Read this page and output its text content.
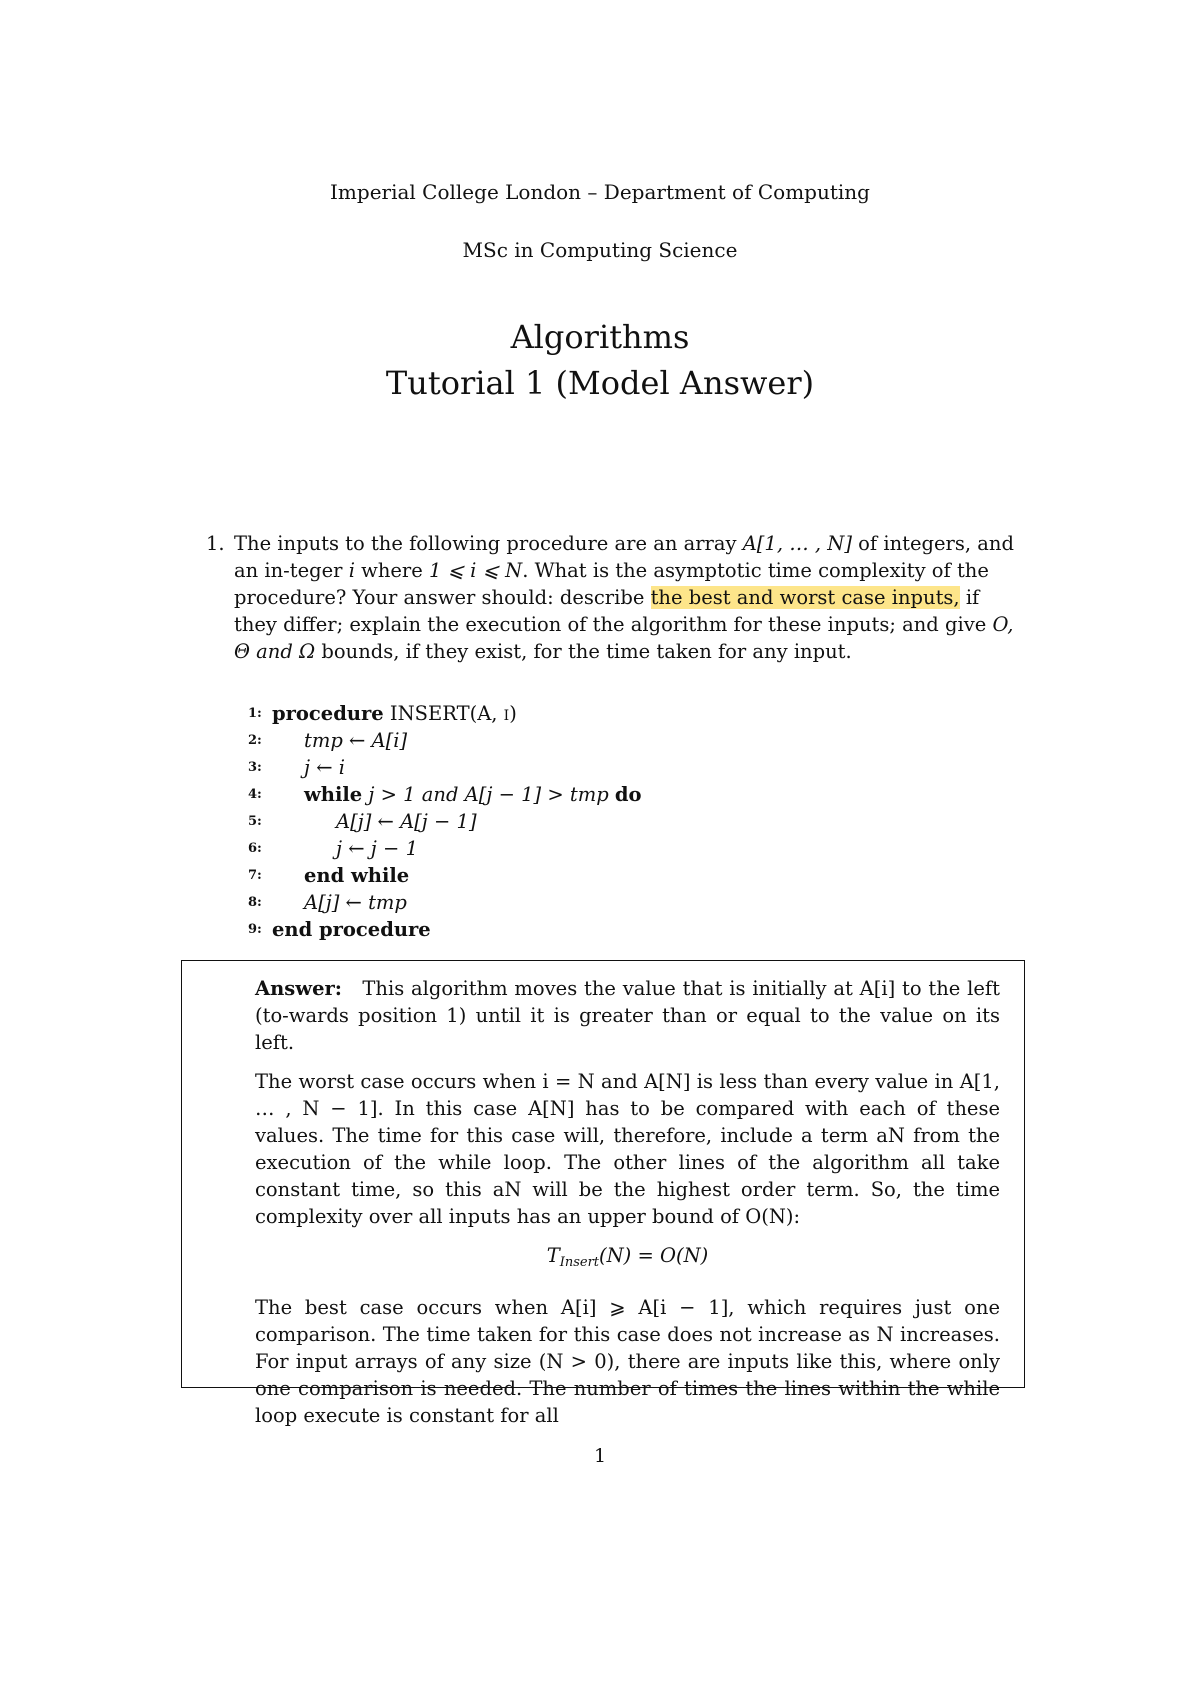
Imperial College London – Department of Computing
MSc in Computing Science
Algorithms
Tutorial 1 (Model Answer)
1. The inputs to the following procedure are an array A[1, … , N] of integers, and an in-teger i where 1 ⩽ i ⩽ N. What is the asymptotic time complexity of the procedure? Your answer should: describe the best and worst case inputs, if they differ; explain the execution of the algorithm for these inputs; and give O, Θ and Ω bounds, if they exist, for the time taken for any input.
1: procedure INSERT(A, i)
2:	tmp ← A[i]
3:	j ← i
4:	while j > 1 and A[j − 1] > tmp do
5:	A[j] ← A[j − 1]
6:	j ← j − 1
7:	end while
8:	A[j] ← tmp
9: end procedure

Answer: This algorithm moves the value that is initially at A[i] to the left (to-wards position 1) until it is greater than or equal to the value on its left.

The worst case occurs when i = N and A[N] is less than every value in A[1, … , N − 1]. In this case A[N] has to be compared with each of these values. The time for this case will, therefore, include a term aN from the execution of the while loop. The other lines of the algorithm all take constant time, so this aN will be the highest order term. So, the time complexity over all inputs has an upper bound of O(N):

$T_{Insert}(N) = O(N)$

The best case occurs when A[i] ⩾ A[i − 1], which requires just one comparison. The time taken for this case does not increase as N increases. For input arrays of any size (N > 0), there are inputs like this, where only one comparison is needed. The number of times the lines within the while loop execute is constant for all

1
